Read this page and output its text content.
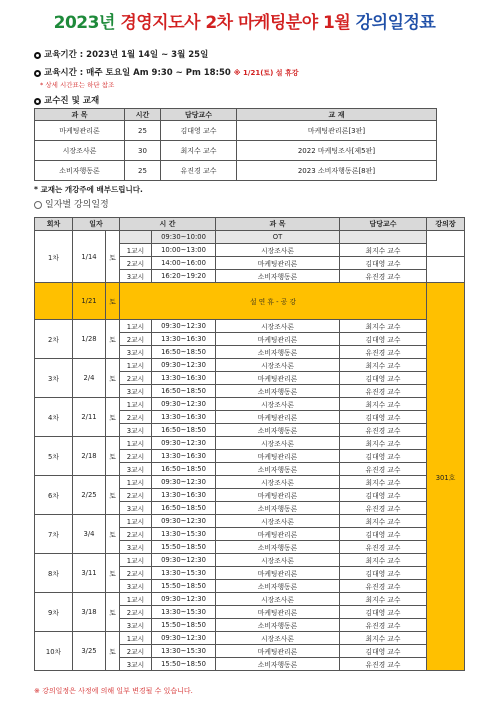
2023년 경영지도사 2차 마케팅분야 1월 강의일정표
교육기간 : 2023년 1월 14일 ~ 3월 25일
교육시간 : 매주 토요일 Am 9:30 ~ Pm 18:50 ※ 1/21(토) 설 휴강
* 상세 시간표는 하단 참조
교수진 및 교재
과 목	시간	담당교수	교 재
마케팅관리론	25	김대영 교수	마케팅관리론[3판]
시장조사론	30	최지수 교수	2022 마케팅조사[제5판]
소비자행동론	25	유진경 교수	2023 소비자행동론[8판]
* 교재는 개강주에 배부드립니다.
일자별 강의일정
회차	일자		시 간		과 목	담당교수	강의장
1차	1/14	토		09:30~10:00	OT		
			1교시	10:00~13:00	시장조사론	최지수 교수	
			2교시	14:00~16:00	마케팅관리론	김대영 교수	
			3교시	16:20~19:20	소비자행동론	유진경 교수	
	1/21	토	설 연 휴 - 공 강				301호
2차	1/28	토	1교시	09:30~12:30	시장조사론	최지수 교수	
			2교시	13:30~16:30	마케팅관리론	김대영 교수	
			3교시	16:50~18:50	소비자행동론	유진경 교수	
3차	2/4	토	1교시	09:30~12:30	시장조사론	최지수 교수	
			2교시	13:30~16:30	마케팅관리론	김대영 교수	
			3교시	16:50~18:50	소비자행동론	유진경 교수	
4차	2/11	토	1교시	09:30~12:30	시장조사론	최지수 교수	
			2교시	13:30~16:30	마케팅관리론	김대영 교수	
			3교시	16:50~18:50	소비자행동론	유진경 교수	
5차	2/18	토	1교시	09:30~12:30	시장조사론	최지수 교수	
			2교시	13:30~16:30	마케팅관리론	김대영 교수	
			3교시	16:50~18:50	소비자행동론	유진경 교수	
6차	2/25	토	1교시	09:30~12:30	시장조사론	최지수 교수	
			2교시	13:30~16:30	마케팅관리론	김대영 교수	
			3교시	16:50~18:50	소비자행동론	유진경 교수	
7차	3/4	토	1교시	09:30~12:30	시장조사론	최지수 교수	
			2교시	13:30~15:30	마케팅관리론	김대영 교수	
			3교시	15:50~18:50	소비자행동론	유진경 교수	
8차	3/11	토	1교시	09:30~12:30	시장조사론	최지수 교수	
			2교시	13:30~15:30	마케팅관리론	김대영 교수	
			3교시	15:50~18:50	소비자행동론	유진경 교수	
9차	3/18	토	1교시	09:30~12:30	시장조사론	최지수 교수	
			2교시	13:30~15:30	마케팅관리론	김대영 교수	
			3교시	15:50~18:50	소비자행동론	유진경 교수	
10차	3/25	토	1교시	09:30~12:30	시장조사론	최지수 교수	
			2교시	13:30~15:30	마케팅관리론	김대영 교수	
			3교시	15:50~18:50	소비자행동론	유진경 교수	
※ 강의일정은 사정에 의해 일부 변경될 수 있습니다.
